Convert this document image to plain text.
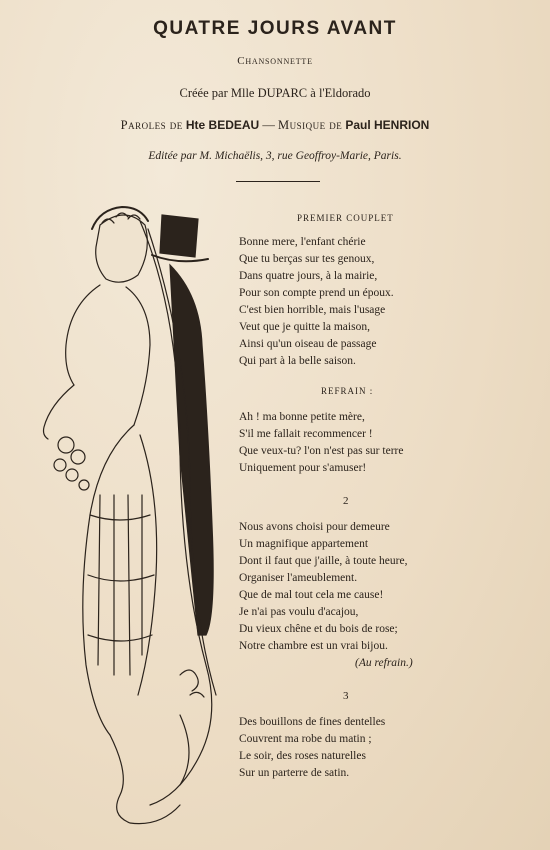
QUATRE JOURS AVANT
Chansonnette
Créée par Mlle DUPARC à l'Eldorado
Paroles de Hte BEDEAU — Musique de Paul HENRION
Editée par M. Michaëlis, 3, rue Geoffroy-Marie, Paris.
PREMIER COUPLET
Bonne mere, l'enfant chérie
Que tu berças sur tes genoux,
Dans quatre jours, à la mairie,
Pour son compte prend un époux.
C'est bien horrible, mais l'usage
Veut que je quitte la maison,
Ainsi qu'un oiseau de passage
Qui part à la belle saison.
REFRAIN :
Ah ! ma bonne petite mère,
S'il me fallait recommencer !
Que veux-tu? l'on n'est pas sur terre
Uniquement pour s'amuser!
2
Nous avons choisi pour demeure
Un magnifique appartement
Dont il faut que j'aille, à toute heure,
Organiser l'ameublement.
Que de mal tout cela me cause!
Je n'ai pas voulu d'acajou,
Du vieux chêne et du bois de rose;
Notre chambre est un vrai bijou.
(Au refrain.)
3
Des bouillons de fines dentelles
Couvrent ma robe du matin ;
Le soir, des roses naturelles
Sur un parterre de satin.
